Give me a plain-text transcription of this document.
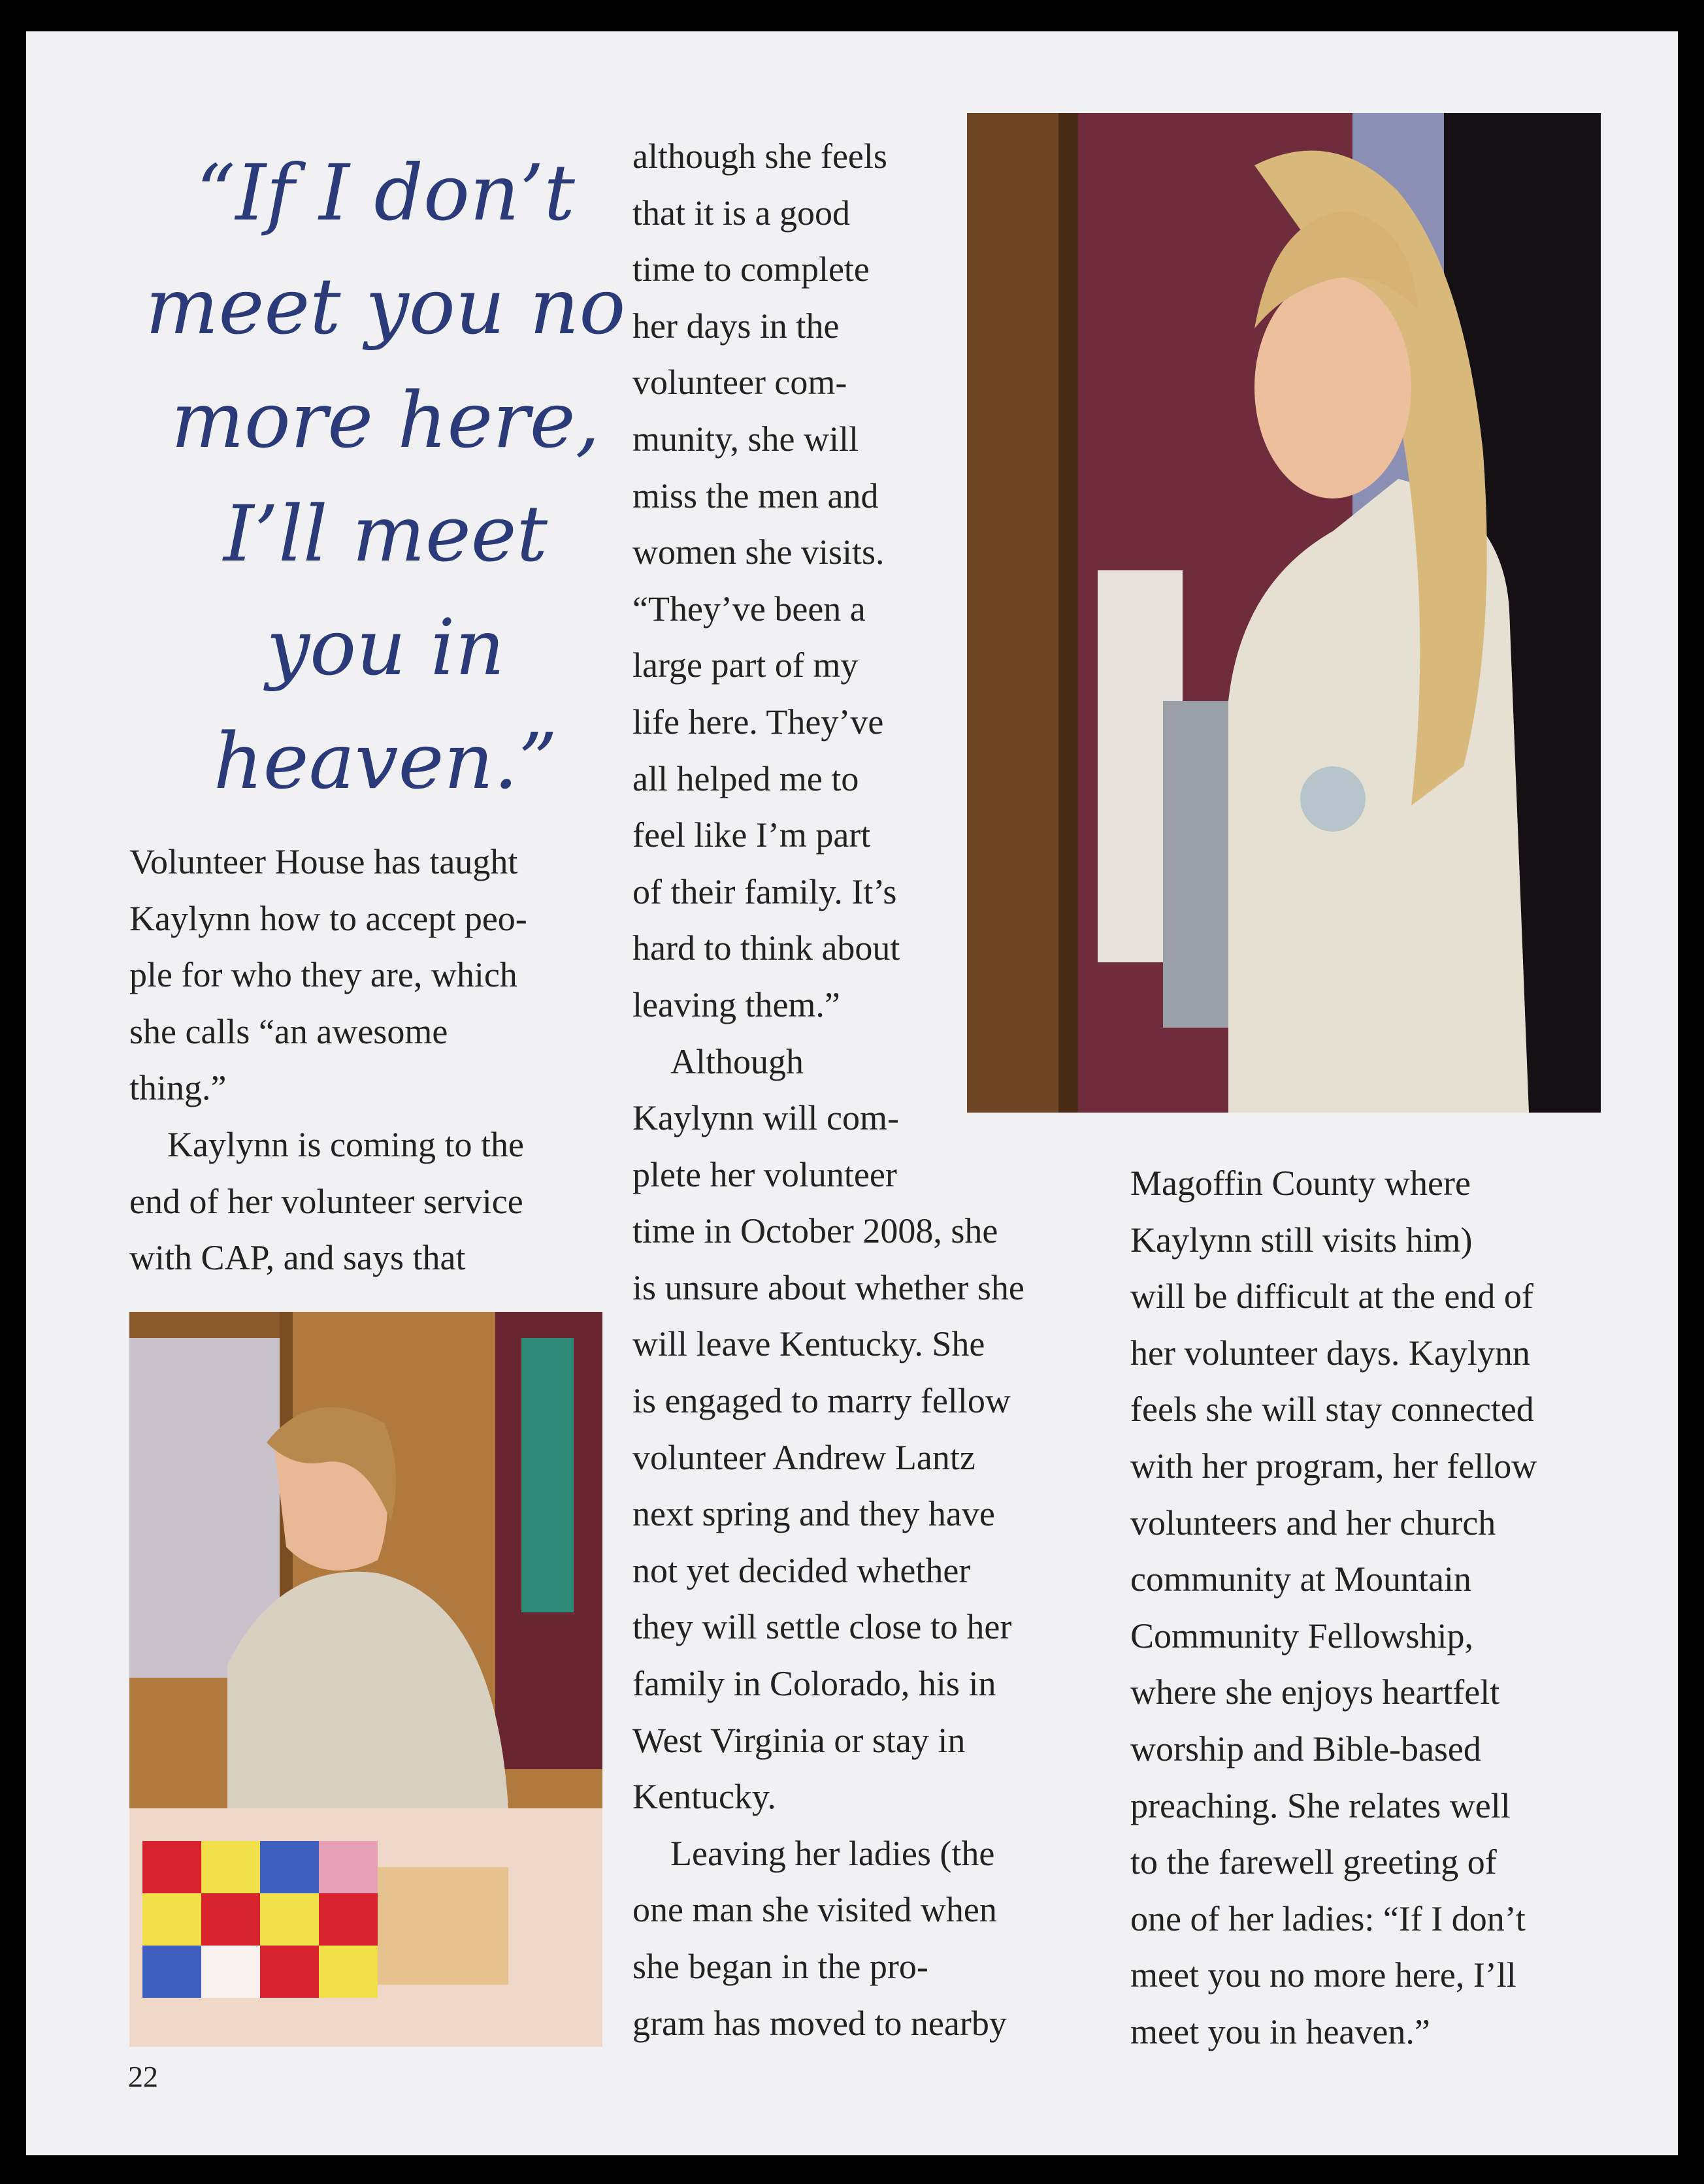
“If I don’t
meet you no
more here,
I’ll meet
you in
heaven.”

Volunteer House has taught
Kaylynn how to accept peo-
ple for who they are, which
she calls “an awesome
thing.”

Kaylynn is coming to the
end of her volunteer service
with CAP, and says that

although she feels
that it is a good
time to complete
her days in the
volunteer com-
munity, she will
miss the men and
women she visits.
“They’ve been a
large part of my
life here. They’ve
all helped me to
feel like I’m part
of their family. It’s
hard to think about
leaving them.”

Although
Kaylynn will com-
plete her volunteer
time in October 2008, she
is unsure about whether she
will leave Kentucky. She
is engaged to marry fellow
volunteer Andrew Lantz
next spring and they have
not yet decided whether
they will settle close to her
family in Colorado, his in
West Virginia or stay in
Kentucky.

Leaving her ladies (the
one man she visited when
she began in the pro-
gram has moved to nearby

Magoffin County where
Kaylynn still visits him)
will be difficult at the end of
her volunteer days. Kaylynn
feels she will stay connected
with her program, her fellow
volunteers and her church
community at Mountain
Community Fellowship,
where she enjoys heartfelt
worship and Bible-based
preaching. She relates well
to the farewell greeting of
one of her ladies: “If I don’t
meet you no more here, I’ll
meet you in heaven.”

22
